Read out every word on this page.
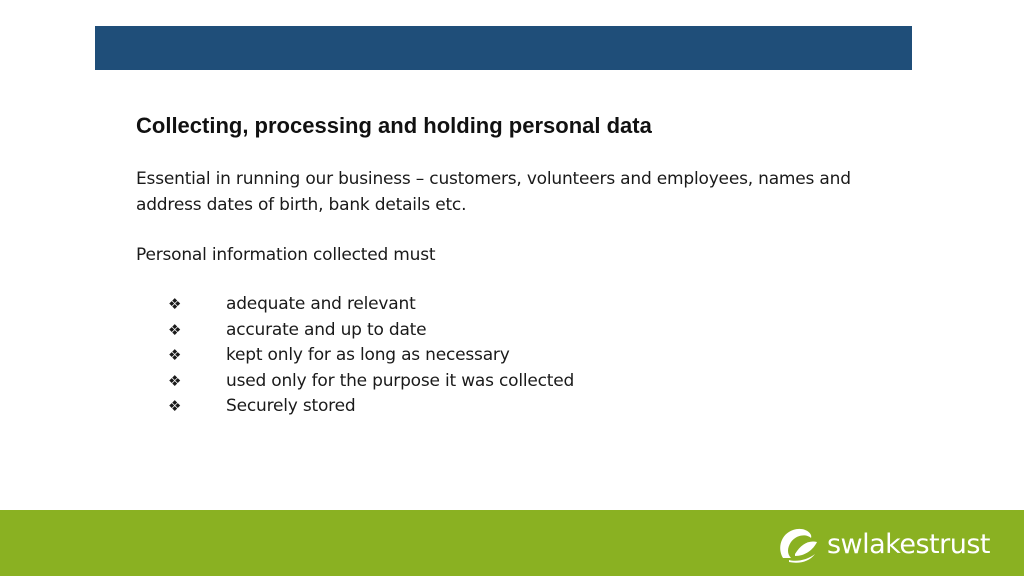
Collecting, processing and holding personal data

Essential in running our business – customers, volunteers and employees, names and address dates of birth, bank details etc.

Personal information collected must

❖	adequate and relevant
❖	accurate and up to date
❖	kept only for as long as necessary
❖	used only for the purpose it was collected
❖	Securely stored
swlakestrust
